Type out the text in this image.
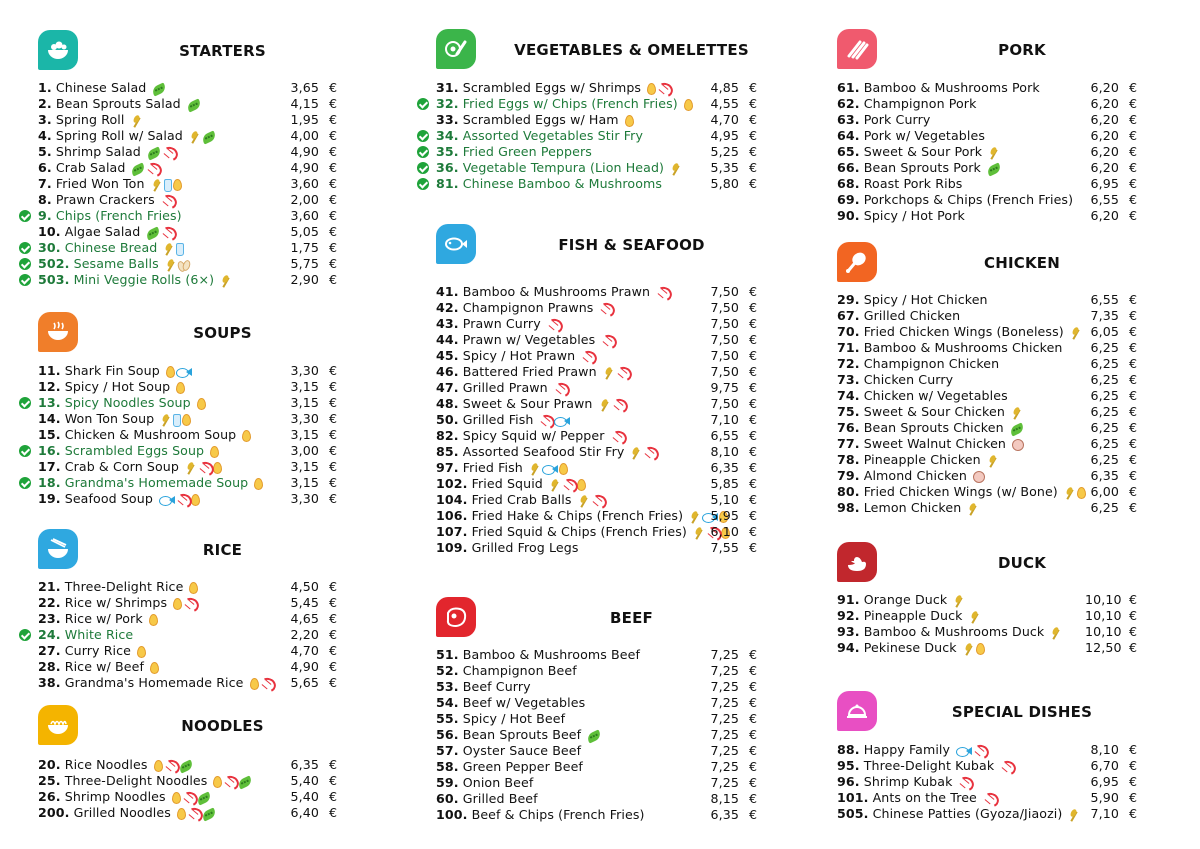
STARTERS
1. Chinese Salad	3,65 €
2. Bean Sprouts Salad	4,15 €
3. Spring Roll	1,95 €
4. Spring Roll w/ Salad	4,00 €
5. Shrimp Salad	4,90 €
6. Crab Salad	4,90 €
7. Fried Won Ton	3,60 €
8. Prawn Crackers	2,00 €
9. Chips (French Fries)	3,60 €
10. Algae Salad	5,05 €
30. Chinese Bread	1,75 €
502. Sesame Balls	5,75 €
503. Mini Veggie Rolls (6×)	2,90 €
SOUPS
11. Shark Fin Soup	3,30 €
12. Spicy / Hot Soup	3,15 €
13. Spicy Noodles Soup	3,15 €
14. Won Ton Soup	3,30 €
15. Chicken & Mushroom Soup	3,15 €
16. Scrambled Eggs Soup	3,00 €
17. Crab & Corn Soup	3,15 €
18. Grandma's Homemade Soup	3,15 €
19. Seafood Soup	3,30 €
RICE
21. Three-Delight Rice	4,50 €
22. Rice w/ Shrimps	5,45 €
23. Rice w/ Pork	4,65 €
24. White Rice	2,20 €
27. Curry Rice	4,70 €
28. Rice w/ Beef	4,90 €
38. Grandma's Homemade Rice	5,65 €
NOODLES
20. Rice Noodles	6,35 €
25. Three-Delight Noodles	5,40 €
26. Shrimp Noodles	5,40 €
200. Grilled Noodles	6,40 €
VEGETABLES & OMELETTES
31. Scrambled Eggs w/ Shrimps	4,85 €
32. Fried Eggs w/ Chips (French Fries)	4,55 €
33. Scrambled Eggs w/ Ham	4,70 €
34. Assorted Vegetables Stir Fry	4,95 €
35. Fried Green Peppers	5,25 €
36. Vegetable Tempura (Lion Head)	5,35 €
81. Chinese Bamboo & Mushrooms	5,80 €
FISH & SEAFOOD
41. Bamboo & Mushrooms Prawn	7,50 €
42. Champignon Prawns	7,50 €
43. Prawn Curry	7,50 €
44. Prawn w/ Vegetables	7,50 €
45. Spicy / Hot Prawn	7,50 €
46. Battered Fried Prawn	7,50 €
47. Grilled Prawn	9,75 €
48. Sweet & Sour Prawn	7,50 €
50. Grilled Fish	7,10 €
82. Spicy Squid w/ Pepper	6,55 €
85. Assorted Seafood Stir Fry	8,10 €
97. Fried Fish	6,35 €
102. Fried Squid	5,85 €
104. Fried Crab Balls	5,10 €
106. Fried Hake & Chips (French Fries)	5,95 €
107. Fried Squid & Chips (French Fries)	6,10 €
109. Grilled Frog Legs	7,55 €
BEEF
51. Bamboo & Mushrooms Beef	7,25 €
52. Champignon Beef	7,25 €
53. Beef Curry	7,25 €
54. Beef w/ Vegetables	7,25 €
55. Spicy / Hot Beef	7,25 €
56. Bean Sprouts Beef	7,25 €
57. Oyster Sauce Beef	7,25 €
58. Green Pepper Beef	7,25 €
59. Onion Beef	7,25 €
60. Grilled Beef	8,15 €
100. Beef & Chips (French Fries)	6,35 €
PORK
61. Bamboo & Mushrooms Pork	6,20 €
62. Champignon Pork	6,20 €
63. Pork Curry	6,20 €
64. Pork w/ Vegetables	6,20 €
65. Sweet & Sour Pork	6,20 €
66. Bean Sprouts Pork	6,20 €
68. Roast Pork Ribs	6,95 €
69. Porkchops & Chips (French Fries)	6,55 €
90. Spicy / Hot Pork	6,20 €
CHICKEN
29. Spicy / Hot Chicken	6,55 €
67. Grilled Chicken	7,35 €
70. Fried Chicken Wings (Boneless)	6,05 €
71. Bamboo & Mushrooms Chicken	6,25 €
72. Champignon Chicken	6,25 €
73. Chicken Curry	6,25 €
74. Chicken w/ Vegetables	6,25 €
75. Sweet & Sour Chicken	6,25 €
76. Bean Sprouts Chicken	6,25 €
77. Sweet Walnut Chicken	6,25 €
78. Pineapple Chicken	6,25 €
79. Almond Chicken	6,35 €
80. Fried Chicken Wings (w/ Bone)	6,00 €
98. Lemon Chicken	6,25 €
DUCK
91. Orange Duck	10,10 €
92. Pineapple Duck	10,10 €
93. Bamboo & Mushrooms Duck	10,10 €
94. Pekinese Duck	12,50 €
SPECIAL DISHES
88. Happy Family	8,10 €
95. Three-Delight Kubak	6,70 €
96. Shrimp Kubak	6,95 €
101. Ants on the Tree	5,90 €
505. Chinese Patties (Gyoza/Jiaozi)	7,10 €
